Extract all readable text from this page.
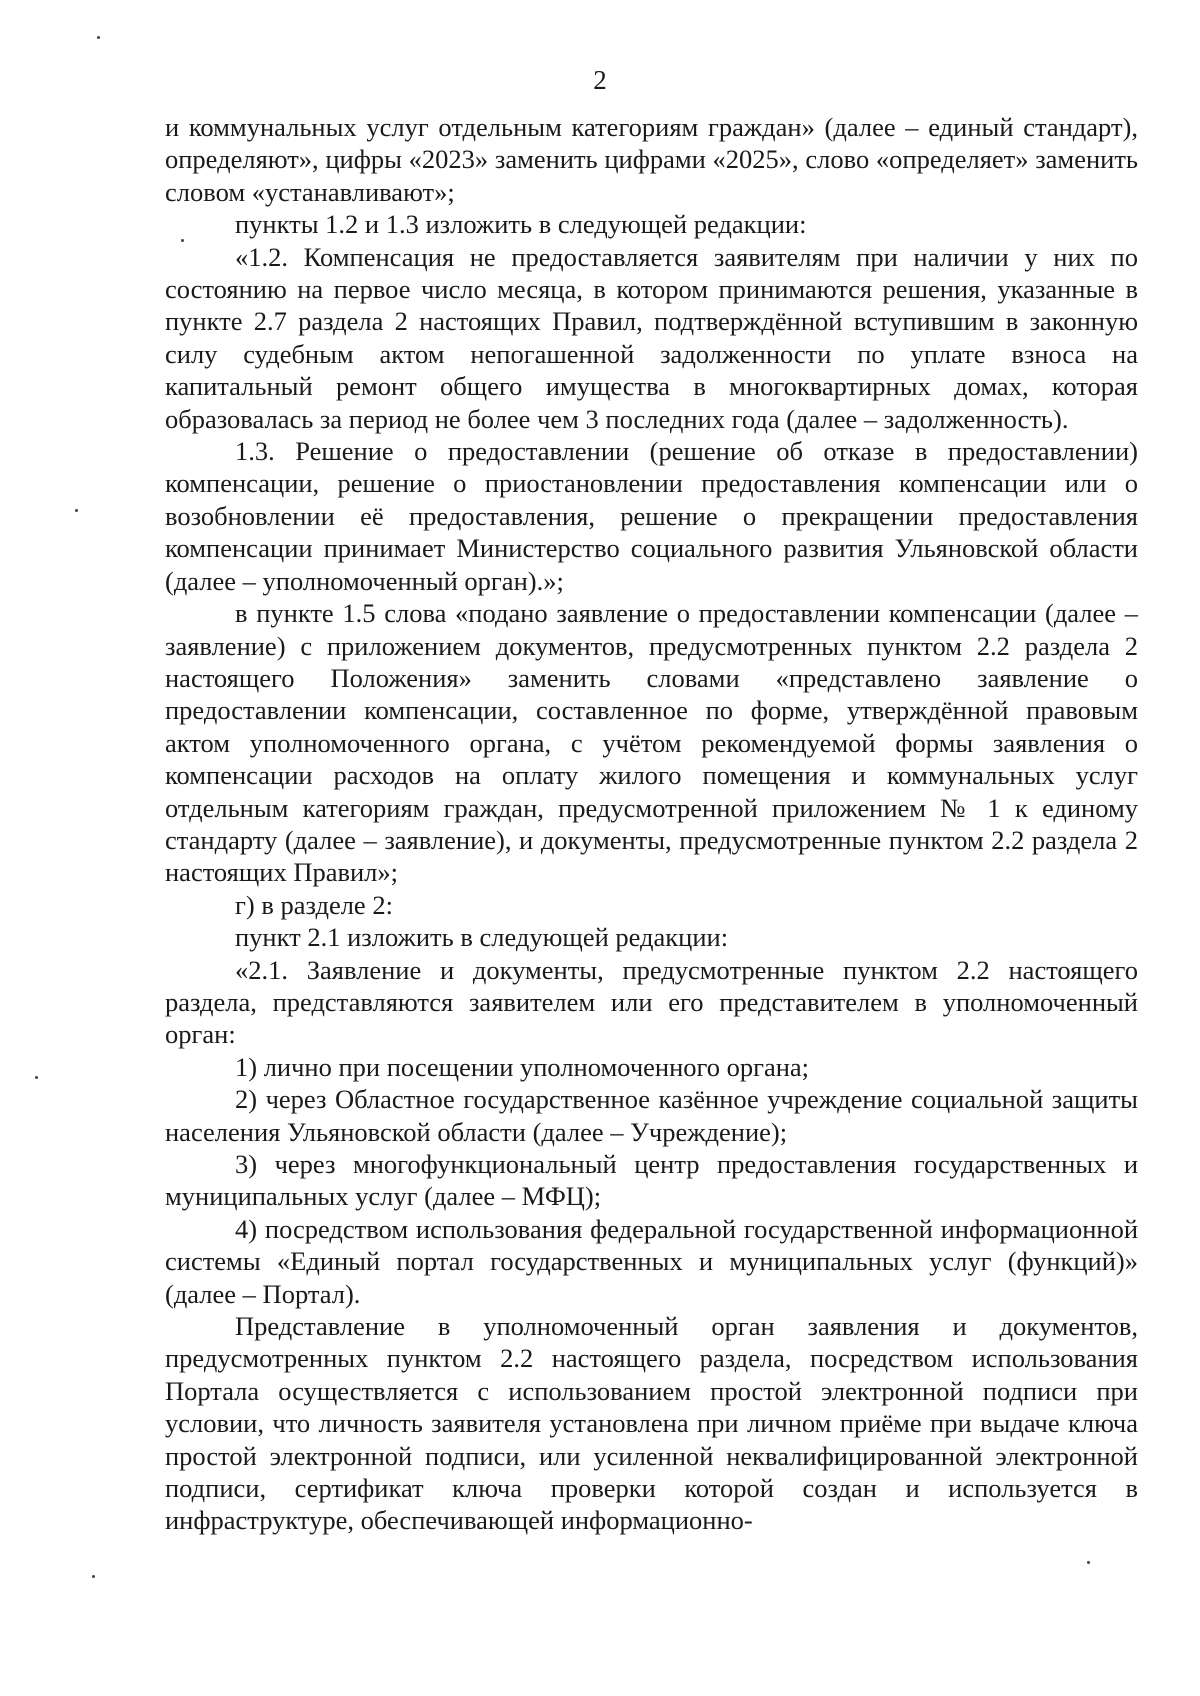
2

и коммунальных услуг отдельным категориям граждан» (далее – единый стандарт), определяют», цифры «2023» заменить цифрами «2025», слово «определяет» заменить словом «устанавливают»;

пункты 1.2 и 1.3 изложить в следующей редакции:

«1.2. Компенсация не предоставляется заявителям при наличии у них по состоянию на первое число месяца, в котором принимаются решения, указанные в пункте 2.7 раздела 2 настоящих Правил, подтверждённой вступившим в законную силу судебным актом непогашенной задолженности по уплате взноса на капитальный ремонт общего имущества в многоквартирных домах, которая образовалась за период не более чем 3 последних года (далее – задолженность).

1.3. Решение о предоставлении (решение об отказе в предоставлении) компенсации, решение о приостановлении предоставления компенсации или о возобновлении её предоставления, решение о прекращении предоставления компенсации принимает Министерство социального развития Ульяновской области (далее – уполномоченный орган).»;

в пункте 1.5 слова «подано заявление о предоставлении компенсации (далее – заявление) с приложением документов, предусмотренных пунктом 2.2 раздела 2 настоящего Положения» заменить словами «представлено заявление о предоставлении компенсации, составленное по форме, утверждённой правовым актом уполномоченного органа, с учётом рекомендуемой формы заявления о компенсации расходов на оплату жилого помещения и коммунальных услуг отдельным категориям граждан, предусмотренной приложением № 1 к единому стандарту (далее – заявление), и документы, предусмотренные пунктом 2.2 раздела 2 настоящих Правил»;

г) в разделе 2:

пункт 2.1 изложить в следующей редакции:

«2.1. Заявление и документы, предусмотренные пунктом 2.2 настоящего раздела, представляются заявителем или его представителем в уполномоченный орган:

1) лично при посещении уполномоченного органа;

2) через Областное государственное казённое учреждение социальной защиты населения Ульяновской области (далее – Учреждение);

3) через многофункциональный центр предоставления государственных и муниципальных услуг (далее – МФЦ);

4) посредством использования федеральной государственной информационной системы «Единый портал государственных и муниципальных услуг (функций)» (далее – Портал).

Представление в уполномоченный орган заявления и документов, предусмотренных пунктом 2.2 настоящего раздела, посредством использования Портала осуществляется с использованием простой электронной подписи при условии, что личность заявителя установлена при личном приёме при выдаче ключа простой электронной подписи, или усиленной неквалифицированной электронной подписи, сертификат ключа проверки которой создан и используется в инфраструктуре, обеспечивающей информационно-
